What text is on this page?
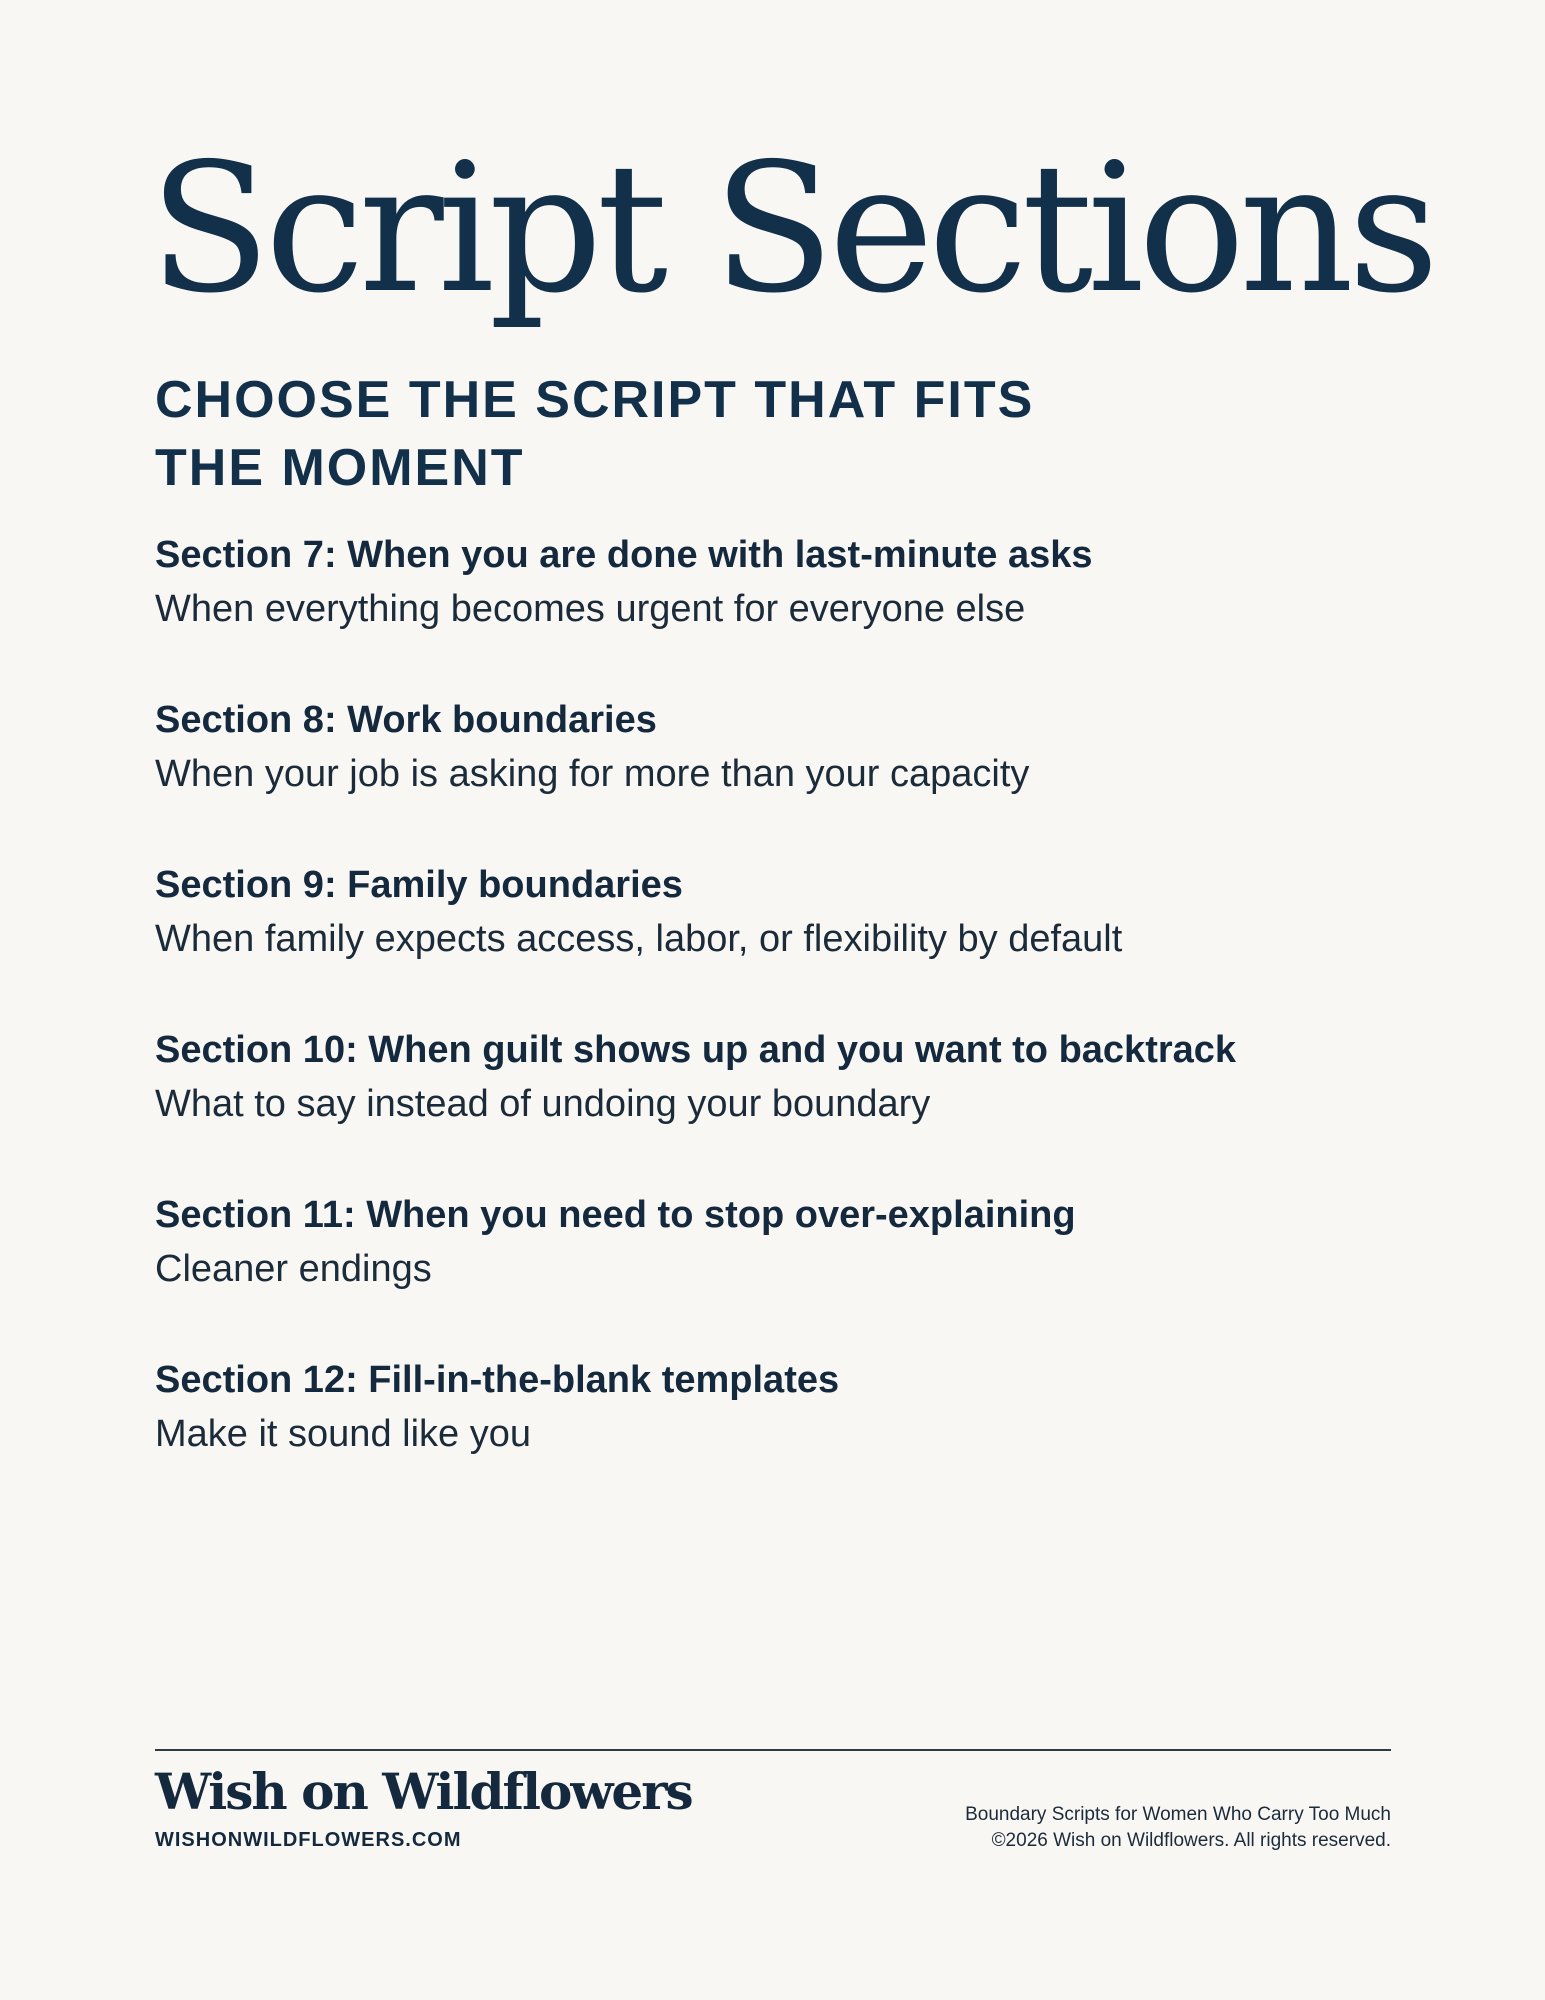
Script Sections
CHOOSE THE SCRIPT THAT FITS THE MOMENT
Section 7: When you are done with last-minute asks
When everything becomes urgent for everyone else
Section 8: Work boundaries
When your job is asking for more than your capacity
Section 9: Family boundaries
When family expects access, labor, or flexibility by default
Section 10: When guilt shows up and you want to backtrack
What to say instead of undoing your boundary
Section 11: When you need to stop over-explaining
Cleaner endings
Section 12: Fill-in-the-blank templates
Make it sound like you
Wish on Wildflowers
WISHONWILDFLOWERS.COM
Boundary Scripts for Women Who Carry Too Much
©2026 Wish on Wildflowers. All rights reserved.
